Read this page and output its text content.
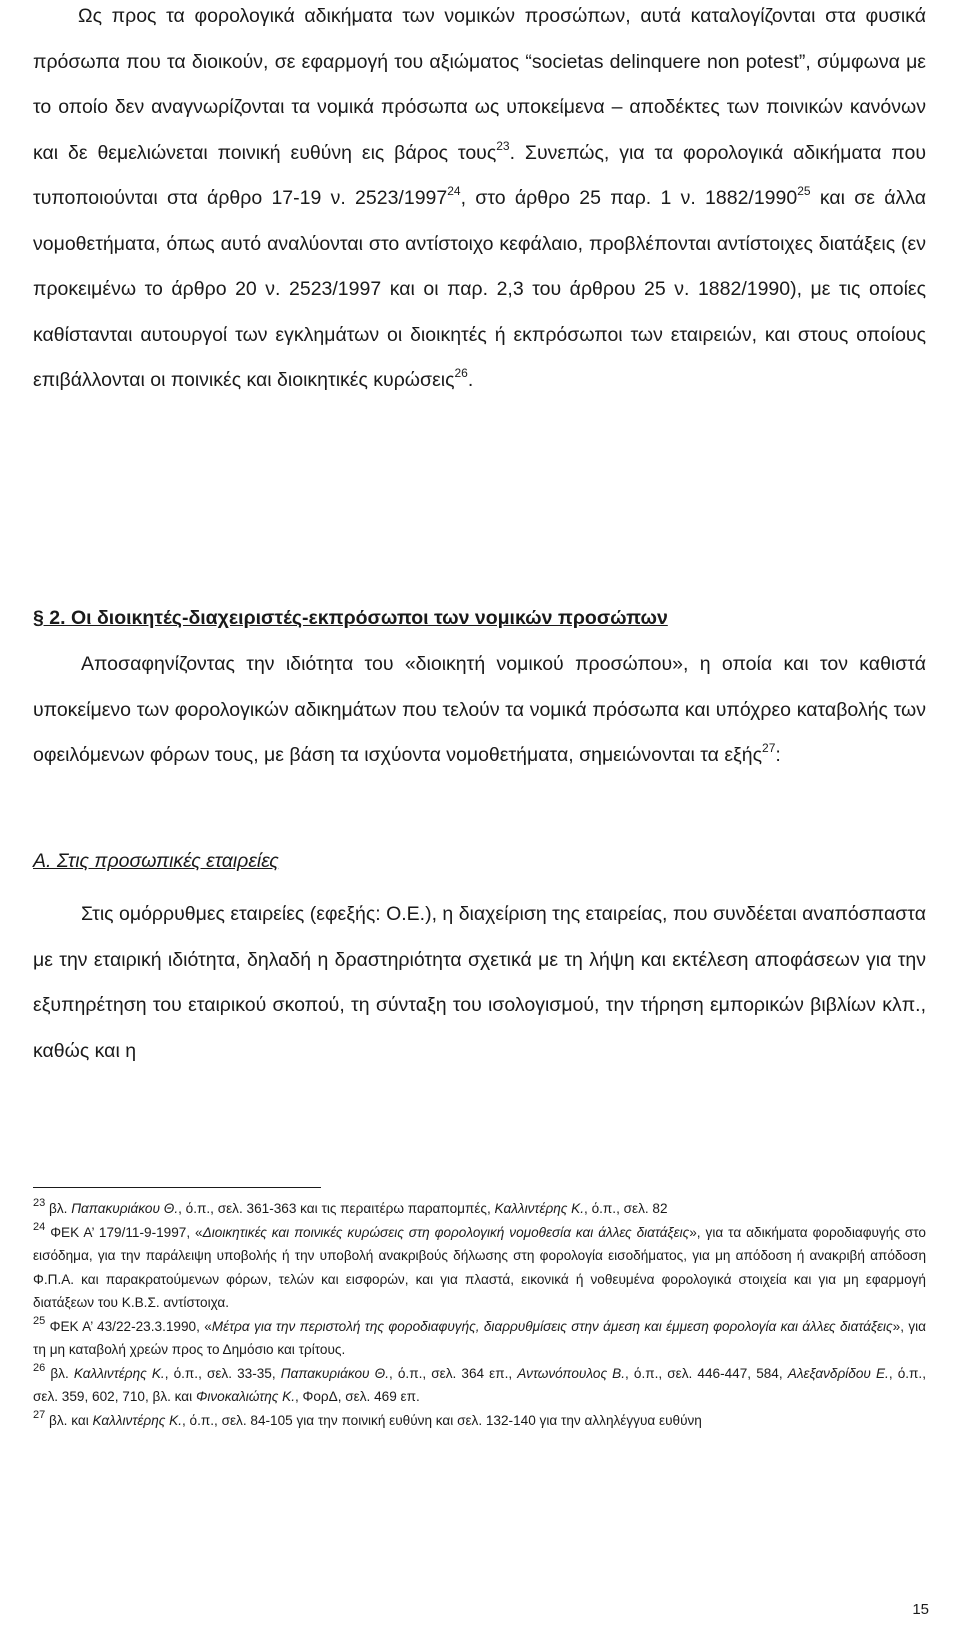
Ως προς τα φορολογικά αδικήματα των νομικών προσώπων, αυτά καταλογίζονται στα φυσικά πρόσωπα που τα διοικούν, σε εφαρμογή του αξιώματος “societas delinquere non potest”, σύμφωνα με το οποίο δεν αναγνωρίζονται τα νομικά πρόσωπα ως υποκείμενα – αποδέκτες των ποινικών κανόνων και δε θεμελιώνεται ποινική ευθύνη εις βάρος τους$^{23}$. Συνεπώς, για τα φορολογικά αδικήματα που τυποποιούνται στα άρθρο 17-19 ν. 2523/1997$^{24}$, στο άρθρο 25 παρ. 1 ν. 1882/1990$^{25}$ και σε άλλα νομοθετήματα, όπως αυτό αναλύονται στο αντίστοιχο κεφάλαιο, προβλέπονται αντίστοιχες διατάξεις (εν προκειμένω το άρθρο 20 ν. 2523/1997 και οι παρ. 2,3 του άρθρου 25 ν. 1882/1990), με τις οποίες καθίστανται αυτουργοί των εγκλημάτων οι διοικητές ή εκπρόσωποι των εταιρειών, και στους οποίους επιβάλλονται οι ποινικές και διοικητικές κυρώσεις$^{26}$.

§ 2. Οι διοικητές-διαχειριστές-εκπρόσωποι των νομικών προσώπων

Αποσαφηνίζοντας την ιδιότητα του «διοικητή νομικού προσώπου», η οποία και τον καθιστά υποκείμενο των φορολογικών αδικημάτων που τελούν τα νομικά πρόσωπα και υπόχρεο καταβολής των οφειλόμενων φόρων τους, με βάση τα ισχύοντα νομοθετήματα, σημειώνονται τα εξής$^{27}$:

Α. Στις προσωπικές εταιρείες

Στις ομόρρυθμες εταιρείες (εφεξής: Ο.Ε.), η διαχείριση της εταιρείας, που συνδέεται αναπόσπαστα με την εταιρική ιδιότητα, δηλαδή η δραστηριότητα σχετικά με τη λήψη και εκτέλεση αποφάσεων για την εξυπηρέτηση του εταιρικού σκοπού, τη σύνταξη του ισολογισμού, την τήρηση εμπορικών βιβλίων κλπ., καθώς και η

$^{23}$ βλ. Παπακυριάκου Θ., ό.π., σελ. 361-363 και τις περαιτέρω παραπομπές, Καλλιντέρης Κ., ό.π., σελ. 82

$^{24}$ ΦΕΚ Α’ 179/11-9-1997, «Διοικητικές και ποινικές κυρώσεις στη φορολογική νομοθεσία και άλλες διατάξεις», για τα αδικήματα φοροδιαφυγής στο εισόδημα, για την παράλειψη υποβολής ή την υποβολή ανακριβούς δήλωσης στη φορολογία εισοδήματος, για μη απόδοση ή ανακριβή απόδοση Φ.Π.Α. και παρακρατούμενων φόρων, τελών και εισφορών, και για πλαστά, εικονικά ή νοθευμένα φορολογικά στοιχεία και για μη εφαρμογή διατάξεων του Κ.Β.Σ. αντίστοιχα.

$^{25}$ ΦΕΚ Α’ 43/22-23.3.1990, «Μέτρα για την περιστολή της φοροδιαφυγής, διαρρυθμίσεις στην άμεση και έμμεση φορολογία και άλλες διατάξεις», για τη μη καταβολή χρεών προς το Δημόσιο και τρίτους.

$^{26}$ βλ. Καλλιντέρης Κ., ό.π., σελ. 33-35, Παπακυριάκου Θ., ό.π., σελ. 364 επ., Αντωνόπουλος Β., ό.π., σελ. 446-447, 584, Αλεξανδρίδου Ε., ό.π., σελ. 359, 602, 710, βλ. και Φινοκαλιώτης Κ., ΦορΔ, σελ. 469 επ.

$^{27}$ βλ. και Καλλιντέρης Κ., ό.π., σελ. 84-105 για την ποινική ευθύνη και σελ. 132-140 για την αλληλέγγυα ευθύνη

15
